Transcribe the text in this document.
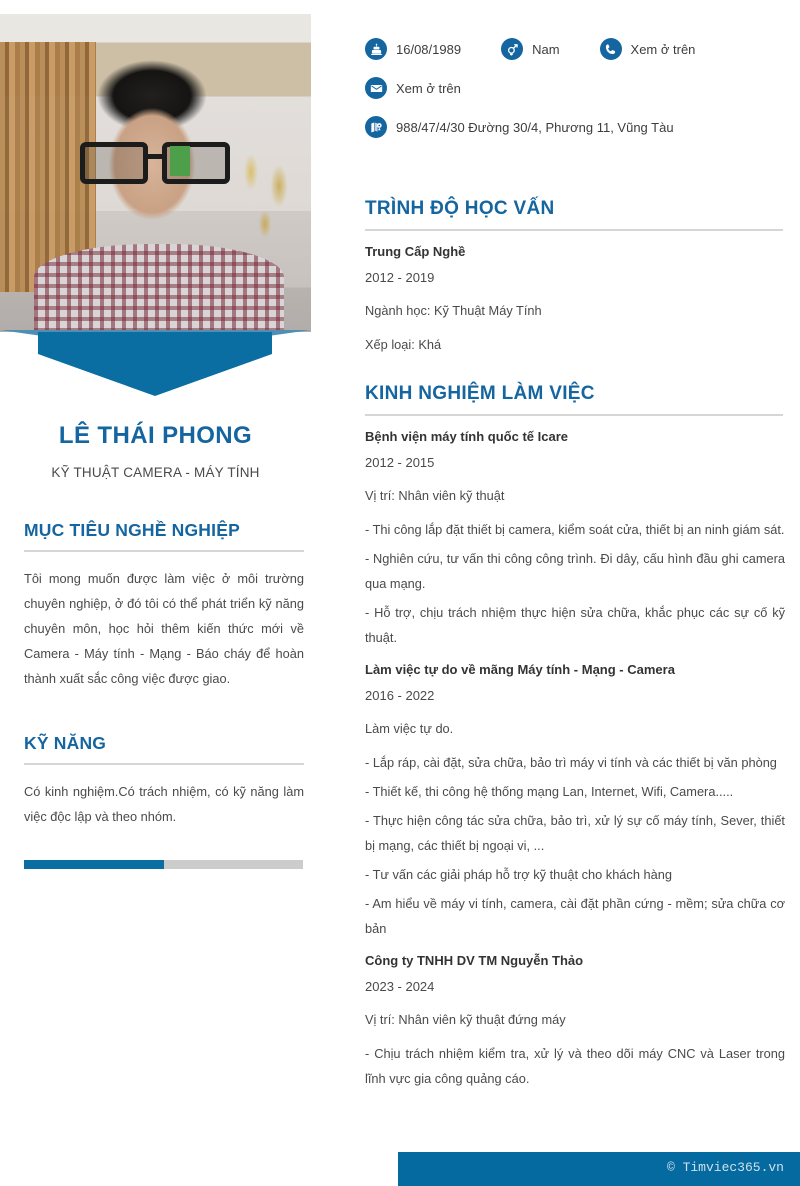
LÊ THÁI PHONG
KỸ THUẬT CAMERA - MÁY TÍNH
MỤC TIÊU NGHỀ NGHIỆP
Tôi mong muốn được làm việc ở môi trường chuyên nghiệp, ở đó tôi có thể phát triển kỹ năng chuyên môn, học hỏi thêm kiến thức mới về Camera - Máy tính - Mạng - Báo cháy để hoàn thành xuất sắc công việc được giao.
KỸ NĂNG
Có kinh nghiệm.Có trách nhiệm, có kỹ năng làm việc độc lập và theo nhóm.
16/08/1989	Nam	Xem ở trên
Xem ở trên
988/47/4/30 Đường 30/4, Phương 11, Vũng Tàu
TRÌNH ĐỘ HỌC VẤN
Trung Cấp Nghề
2012 - 2019
Ngành học: Kỹ Thuật Máy Tính
Xếp loại: Khá
KINH NGHIỆM LÀM VIỆC
Bệnh viện máy tính quốc tế Icare
2012 - 2015
Vị trí: Nhân viên kỹ thuật
- Thi công lắp đặt thiết bị camera, kiểm soát cửa, thiết bị an ninh giám sát.
- Nghiên cứu, tư vấn thi công công trình. Đi dây, cấu hình đầu ghi camera qua mạng.
- Hỗ trợ, chịu trách nhiệm thực hiện sửa chữa, khắc phục các sự cố kỹ thuật.
Làm việc tự do về mãng Máy tính - Mạng - Camera
2016 - 2022
Làm việc tự do.
- Lắp ráp, cài đặt, sửa chữa, bảo trì máy vi tính và các thiết bị văn phòng
- Thiết kế, thi công hệ thống mạng Lan, Internet, Wifi, Camera.....
- Thực hiện công tác sửa chữa, bảo trì, xử lý sự cố máy tính, Sever, thiết bị mạng, các thiết bị ngoại vi, ...
- Tư vấn các giải pháp hỗ trợ kỹ thuật cho khách hàng
- Am hiểu về máy vi tính, camera, cài đặt phần cứng - mềm; sửa chữa cơ bản
Công ty TNHH DV TM Nguyễn Thảo
2023 - 2024
Vị trí: Nhân viên kỹ thuật đứng máy
- Chịu trách nhiệm kiểm tra, xử lý và theo dõi máy CNC và Laser trong lĩnh vực gia công quảng cáo.
© Timviec365.vn
